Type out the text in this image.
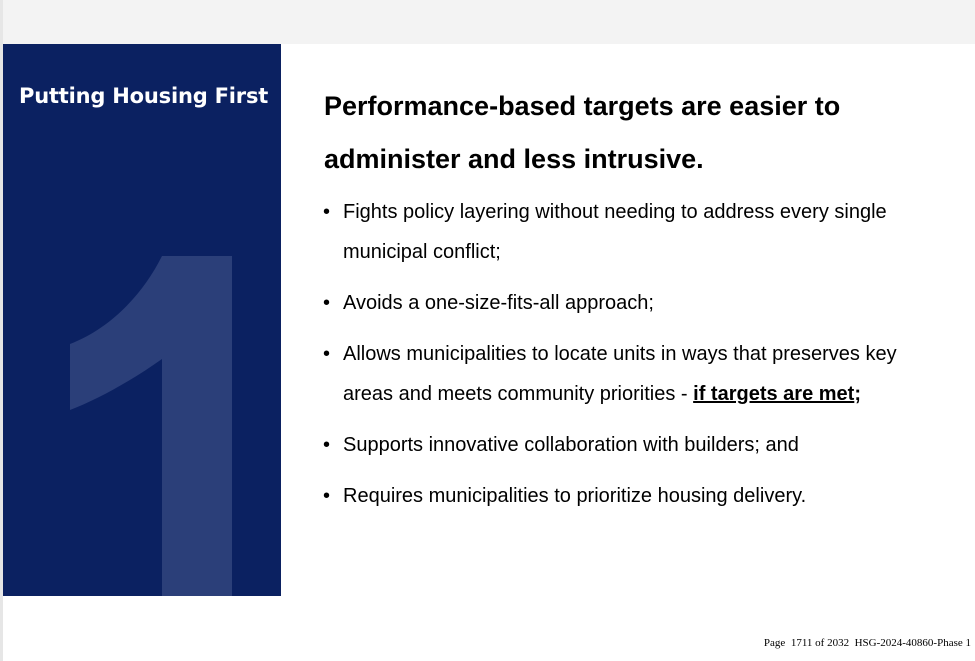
Putting Housing First Performance-based targets are easier to administer and less intrusive.
• Fights policy layering without needing to address every single municipal conflict;
• Avoids a one-size-fits-all approach;
• Allows municipalities to locate units in ways that preserves key areas and meets community priorities - if targets are met;
• Supports innovative collaboration with builders; and
• Requires municipalities to prioritize housing delivery.
Page 1711 of 2032 HSG-2024-40860-Phase 1
